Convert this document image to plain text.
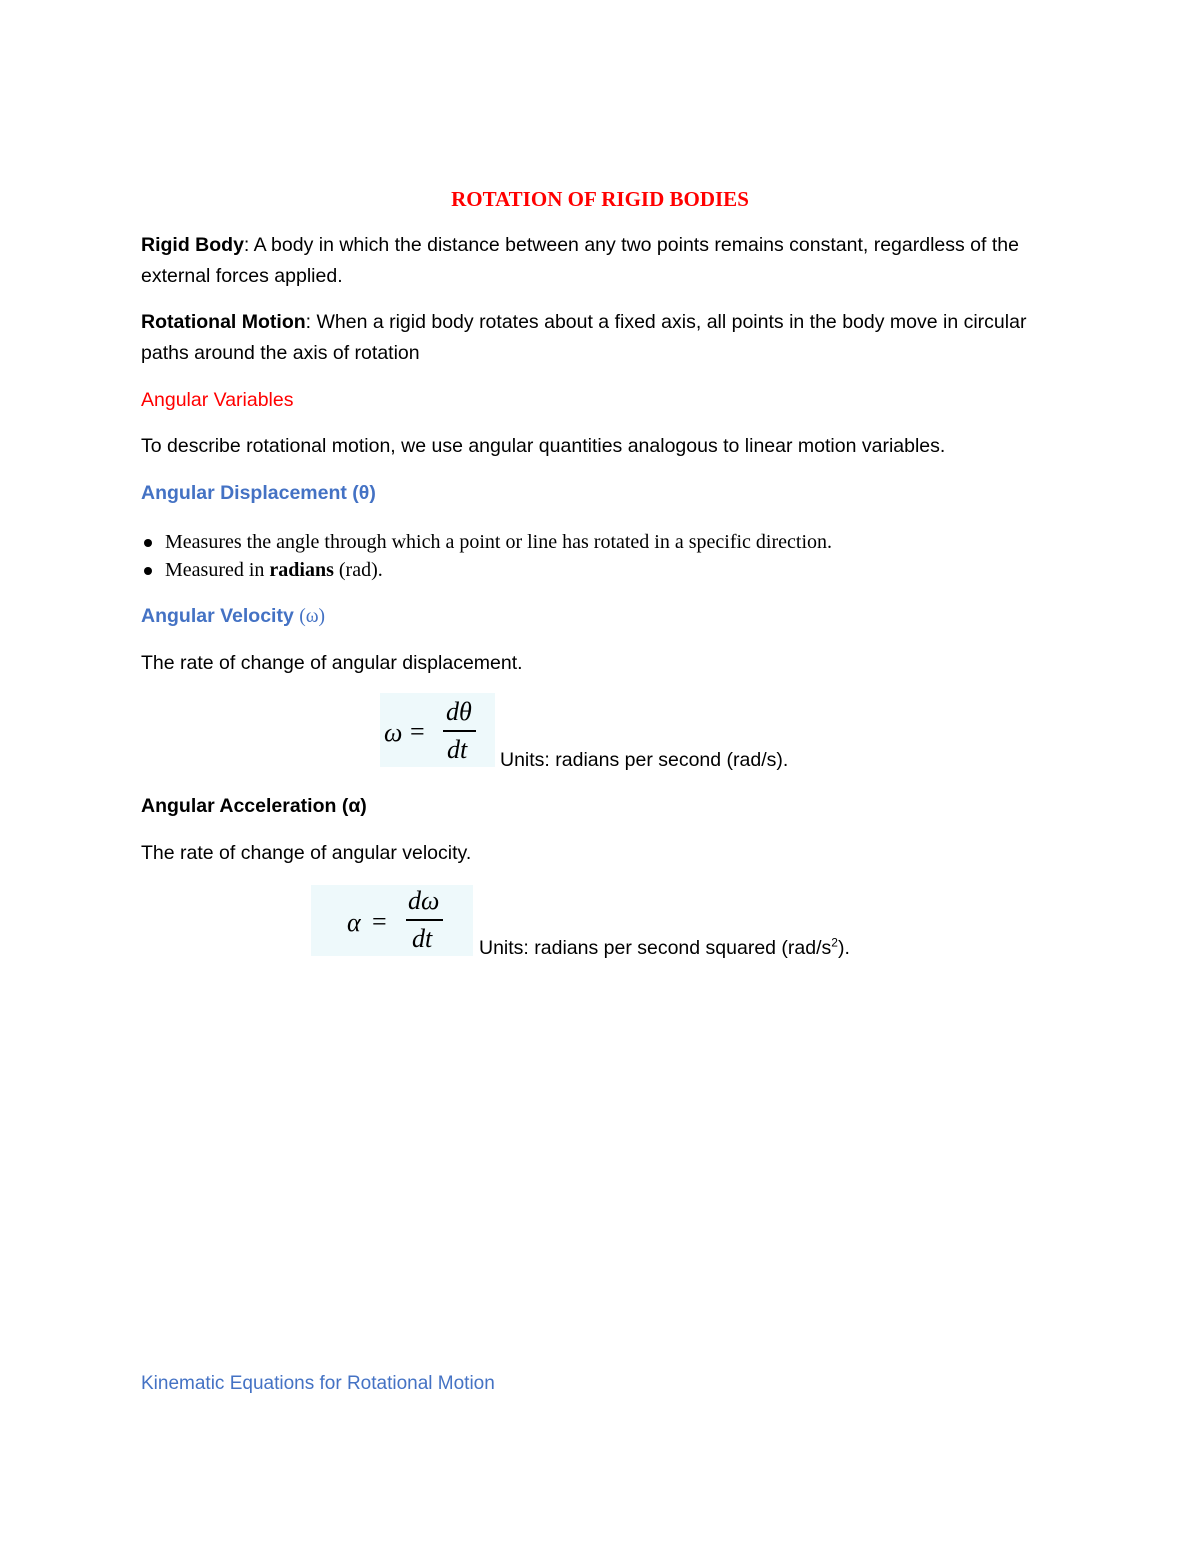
ROTATION OF RIGID BODIES
Rigid Body: A body in which the distance between any two points remains constant, regardless of the external forces applied.
Rotational Motion: When a rigid body rotates about a fixed axis, all points in the body move in circular paths around the axis of rotation
Angular Variables
To describe rotational motion, we use angular quantities analogous to linear motion variables.
Angular Displacement (θ)
Measures the angle through which a point or line has rotated in a specific direction.
Measured in radians (rad).
Angular Velocity (ω)
The rate of change of angular displacement.
ω =
dθ
dt Units: radians per second (rad/s).
Angular Acceleration (α)
The rate of change of angular velocity.
α =
dω
dt Units: radians per second squared $(rad/s^2)$.
Kinematic Equations for Rotational Motion
